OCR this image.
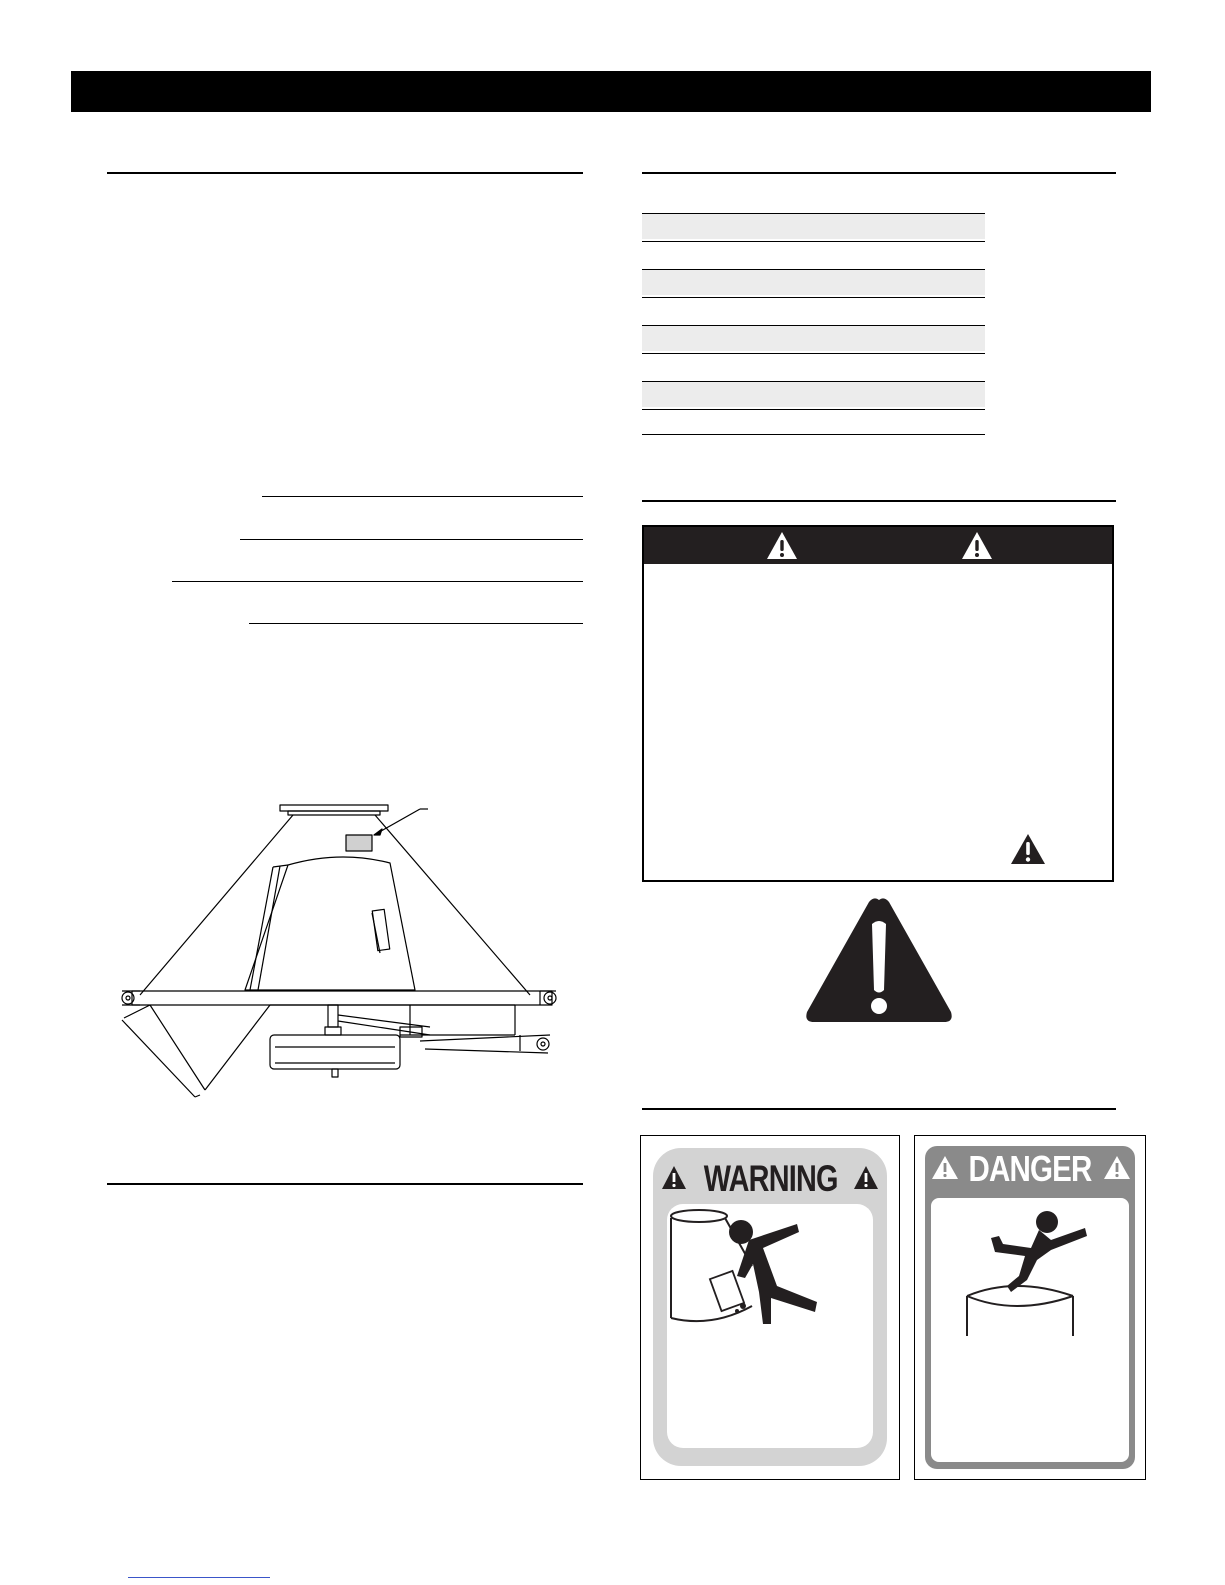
WARNING	DANGER
